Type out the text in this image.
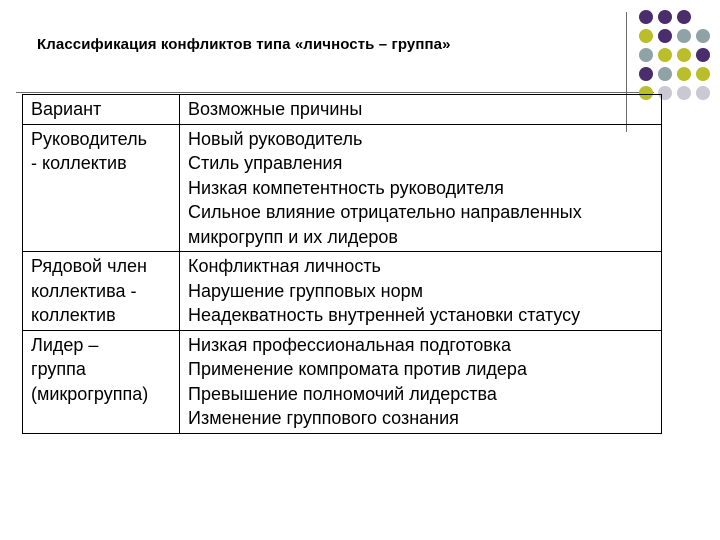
Классификация конфликтов типа «личность – группа»
Вариант	Возможные причины

Руководитель
- коллектив	Новый руководитель
Стиль управления
Низкая компетентность руководителя
Сильное влияние отрицательно направленных
микрогрупп и их лидеров

Рядовой член
коллектива -
коллектив	Конфликтная личность
Нарушение групповых норм
Неадекватность внутренней установки статусу

Лидер –
группа
(микрогруппа)	Низкая профессиональная подготовка
Применение компромата против лидера
Превышение полномочий лидерства
Изменение группового сознания
